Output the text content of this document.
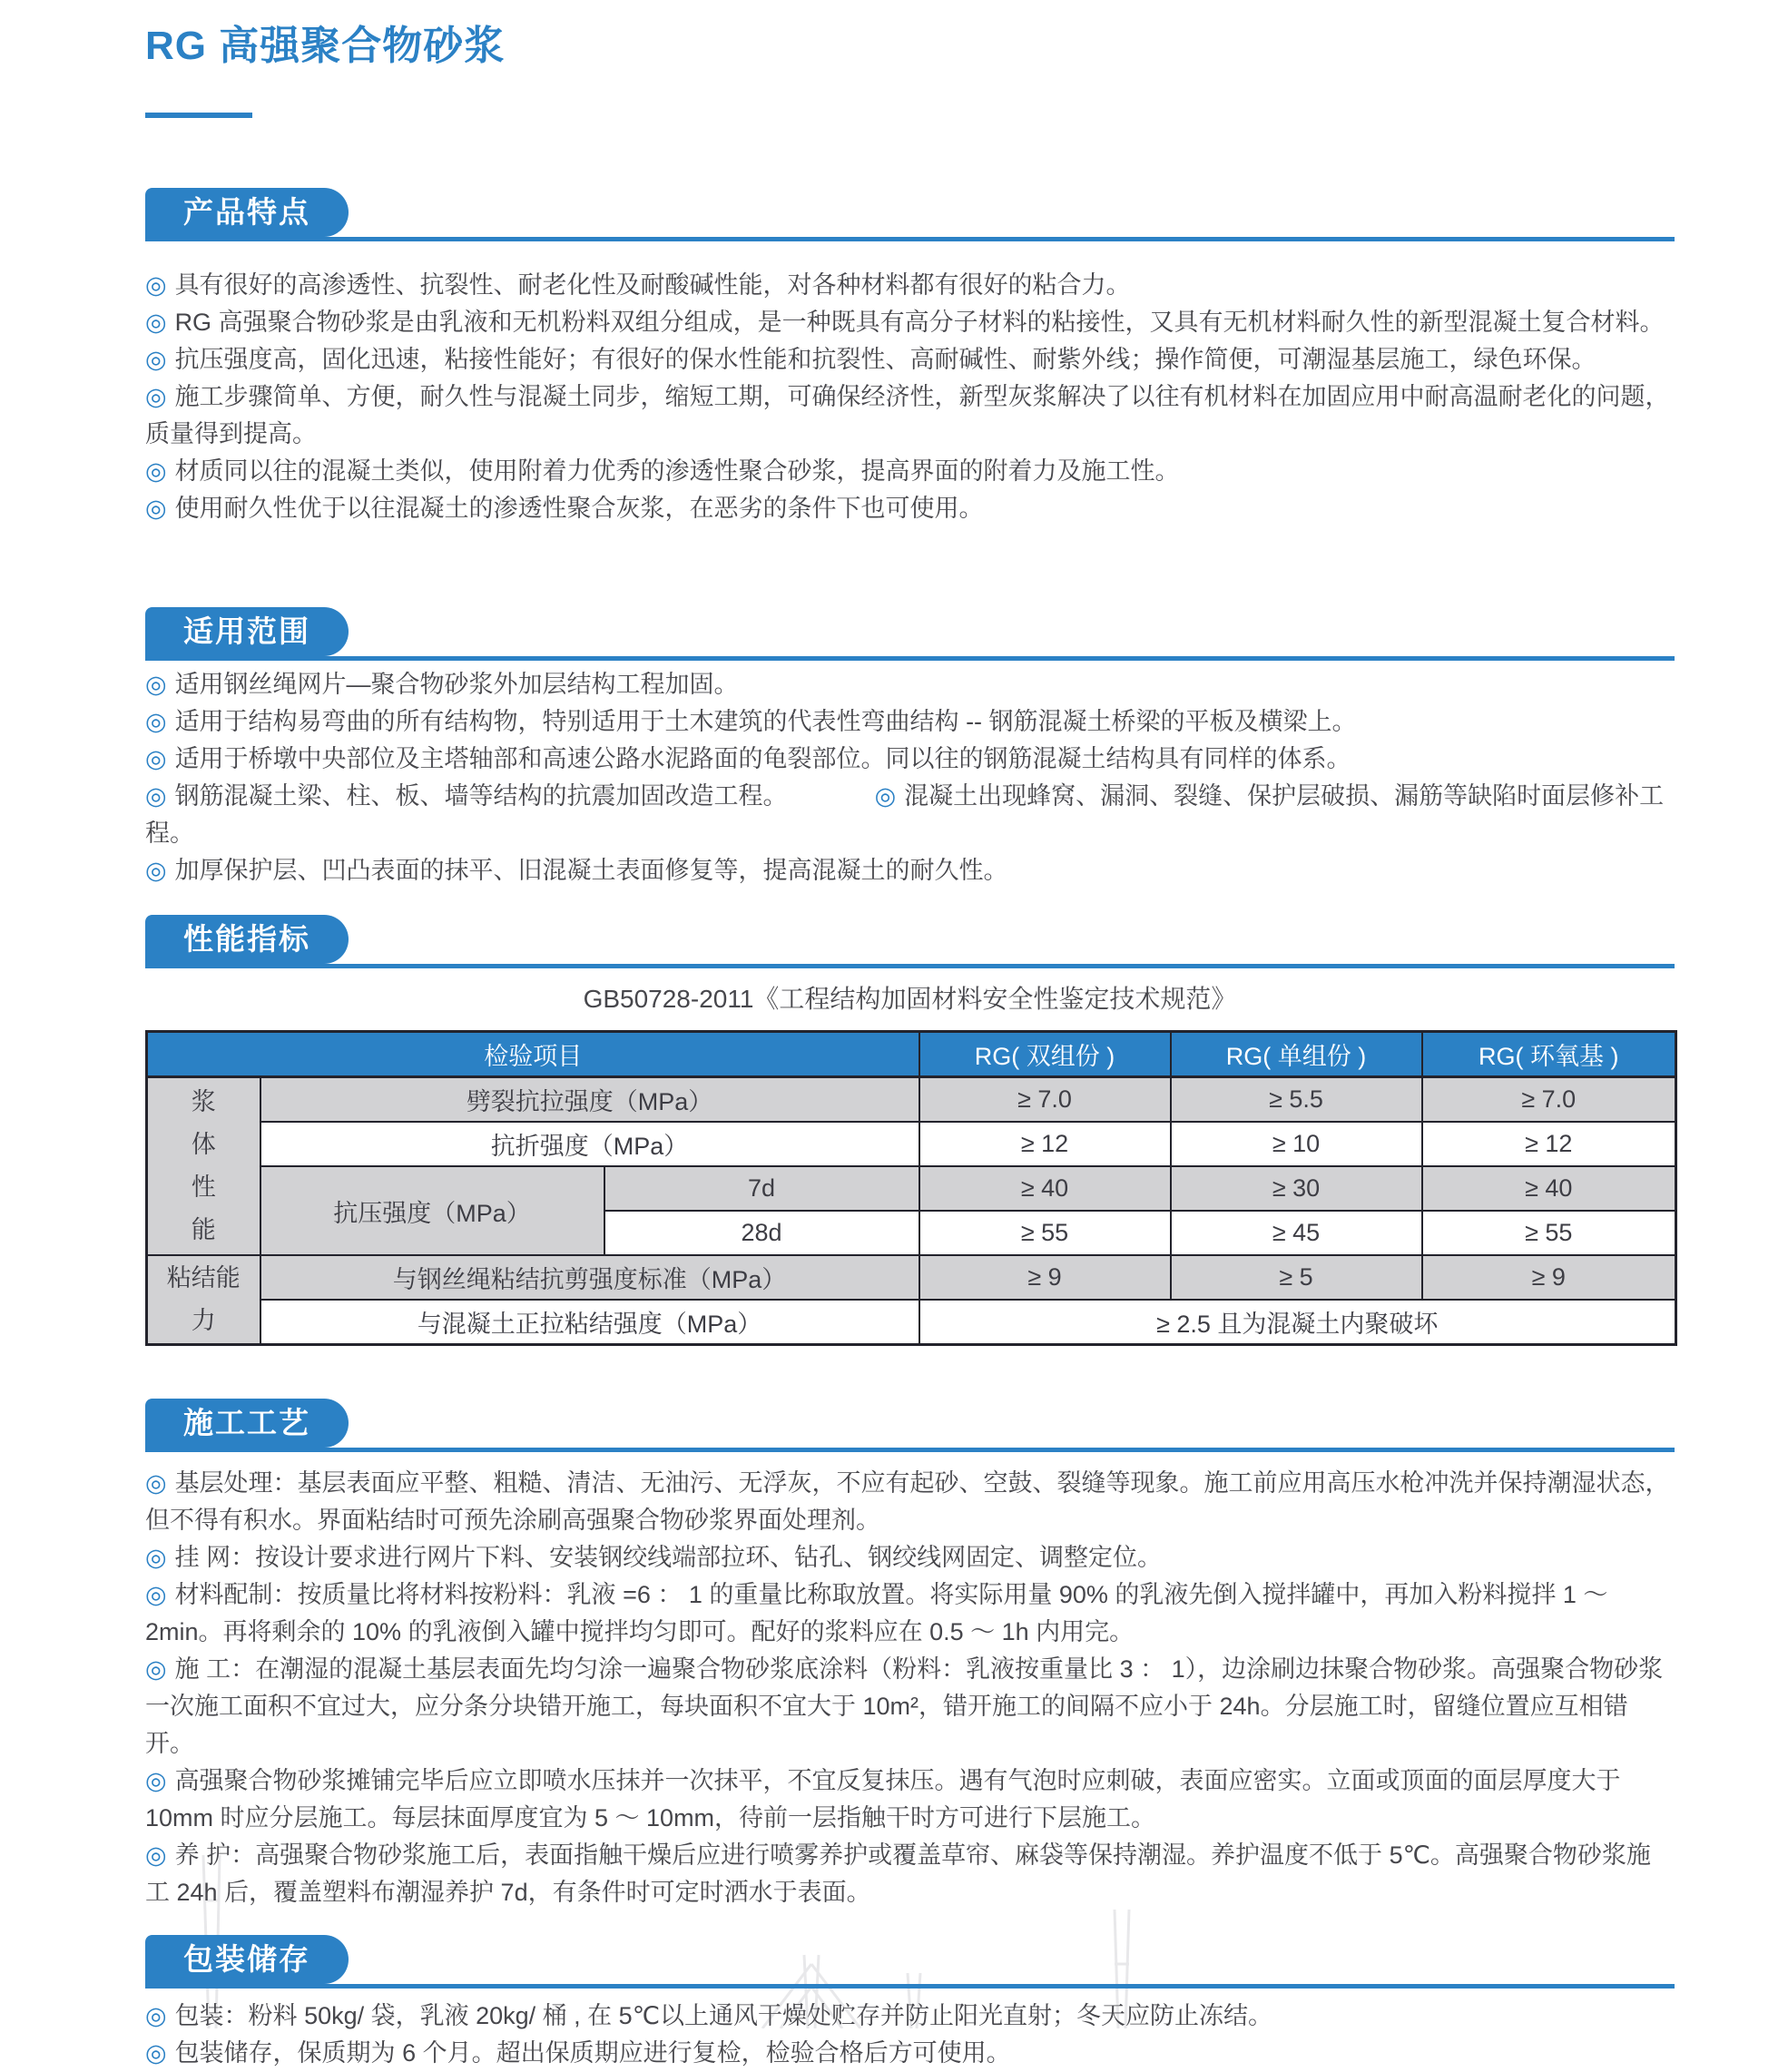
RG 高强聚合物砂浆
产品特点

◎ 具有很好的高渗透性、抗裂性、耐老化性及耐酸碱性能，对各种材料都有很好的粘合力。

◎ RG 高强聚合物砂浆是由乳液和无机粉料双组分组成，是一种既具有高分子材料的粘接性，又具有无机材料耐久性的新型混凝土复合材料。

◎ 抗压强度高，固化迅速，粘接性能好；有很好的保水性能和抗裂性、高耐碱性、耐紫外线；操作简便，可潮湿基层施工，绿色环保。

◎ 施工步骤简单、方便，耐久性与混凝土同步，缩短工期，可确保经济性，新型灰浆解决了以往有机材料在加固应用中耐高温耐老化的问题，质量得到提高。

◎ 材质同以往的混凝土类似，使用附着力优秀的渗透性聚合砂浆，提高界面的附着力及施工性。

◎ 使用耐久性优于以往混凝土的渗透性聚合灰浆，在恶劣的条件下也可使用。

适用范围

◎ 适用钢丝绳网片—聚合物砂浆外加层结构工程加固。

◎ 适用于结构易弯曲的所有结构物，特别适用于土木建筑的代表性弯曲结构 -- 钢筋混凝土桥梁的平板及横梁上。

◎ 适用于桥墩中央部位及主塔轴部和高速公路水泥路面的龟裂部位。同以往的钢筋混凝土结构具有同样的体系。

◎ 钢筋混凝土梁、柱、板、墙等结构的抗震加固改造工程。	◎ 混凝土出现蜂窝、漏洞、裂缝、保护层破损、漏筋等缺陷时面层修补工程。

◎ 加厚保护层、凹凸表面的抹平、旧混凝土表面修复等，提高混凝土的耐久性。

性能指标

GB50728-2011《工程结构加固材料安全性鉴定技术规范》

检验项目			RG( 双组份 )	RG( 单组份 )	RG( 环氧基 )
浆体性能	劈裂抗拉强度（MPa）		≥ 7.0	≥ 5.5	≥ 7.0
	抗折强度（MPa）		≥ 12	≥ 10	≥ 12
	抗压强度（MPa）	7d	≥ 40	≥ 30	≥ 40
		28d	≥ 55	≥ 45	≥ 55
粘结能力	与钢丝绳粘结抗剪强度标准（MPa）		≥ 9	≥ 5	≥ 9
	与混凝土正拉粘结强度（MPa）		≥ 2.5 且为混凝土内聚破坏		
施工工艺

◎ 基层处理：基层表面应平整、粗糙、清洁、无油污、无浮灰，不应有起砂、空鼓、裂缝等现象。施工前应用高压水枪冲洗并保持潮湿状态，但不得有积水。界面粘结时可预先涂刷高强聚合物砂浆界面处理剂。

◎ 挂 网：按设计要求进行网片下料、安装钢绞线端部拉环、钻孔、钢绞线网固定、调整定位。

◎ 材料配制：按质量比将材料按粉料：乳液 =6 ： 1 的重量比称取放置。将实际用量 90% 的乳液先倒入搅拌罐中，再加入粉料搅拌 1 ～ 2min。再将剩余的 10% 的乳液倒入罐中搅拌均匀即可。配好的浆料应在 0.5 ～ 1h 内用完。

◎ 施 工：在潮湿的混凝土基层表面先均匀涂一遍聚合物砂浆底涂料（粉料：乳液按重量比 3 ： 1），边涂刷边抹聚合物砂浆。高强聚合物砂浆一次施工面积不宜过大，应分条分块错开施工，每块面积不宜大于 10m²，错开施工的间隔不应小于 24h。分层施工时，留缝位置应互相错开。

◎ 高强聚合物砂浆摊铺完毕后应立即喷水压抹并一次抹平，不宜反复抹压。遇有气泡时应刺破，表面应密实。立面或顶面的面层厚度大于 10mm 时应分层施工。每层抹面厚度宜为 5 ～ 10mm，待前一层指触干时方可进行下层施工。

◎ 养 护：高强聚合物砂浆施工后，表面指触干燥后应进行喷雾养护或覆盖草帘、麻袋等保持潮湿。养护温度不低于 5℃。高强聚合物砂浆施工 24h 后，覆盖塑料布潮湿养护 7d，有条件时可定时洒水于表面。

包装储存

◎ 包装：粉料 50kg/ 袋，乳液 20kg/ 桶 , 在 5℃以上通风干燥处贮存并防止阳光直射；冬天应防止冻结。

◎ 包装储存，保质期为 6 个月。超出保质期应进行复检，检验合格后方可使用。
